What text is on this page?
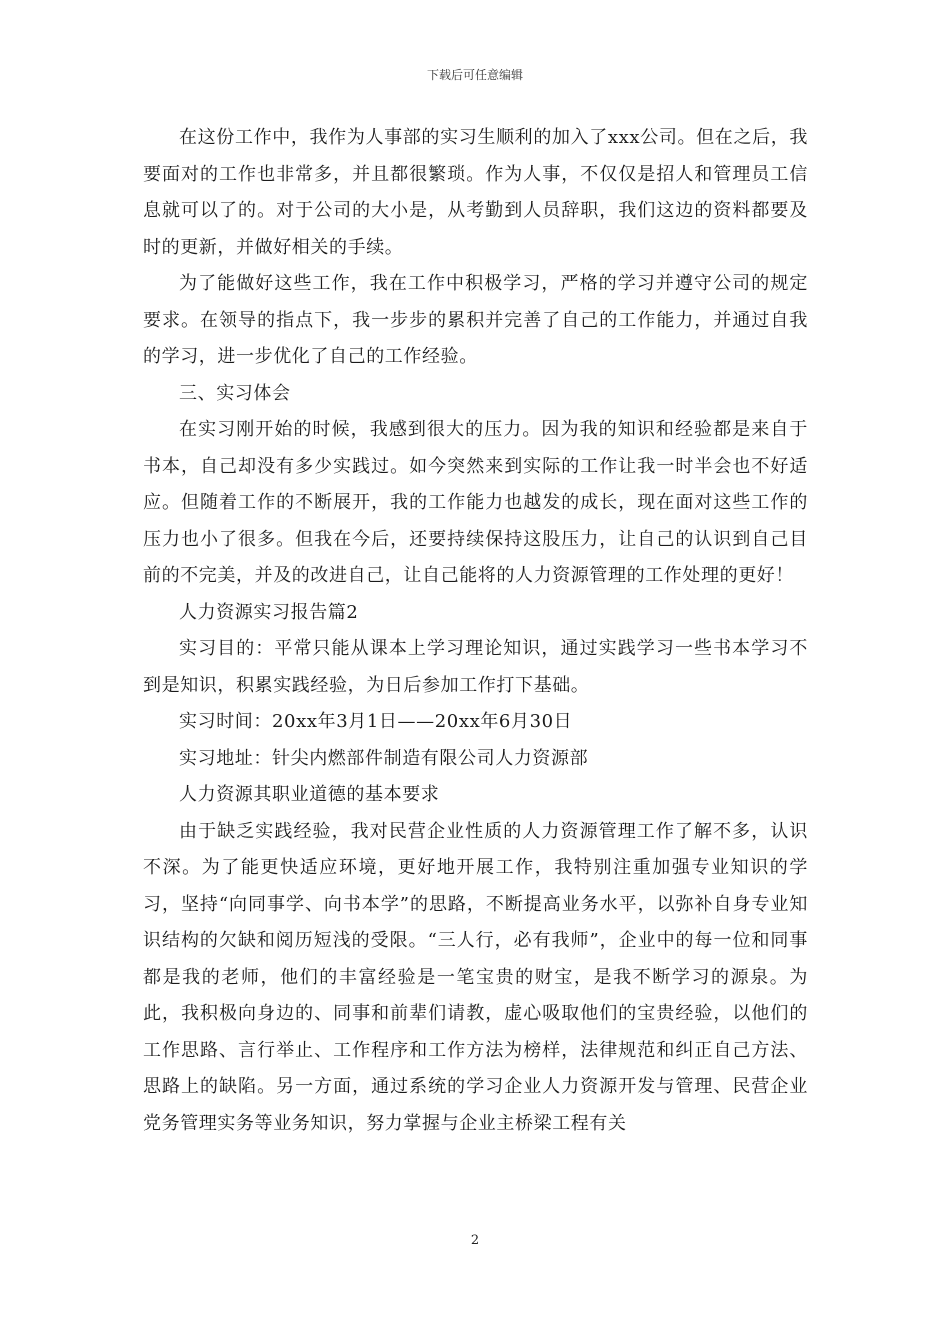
下载后可任意编辑

在这份工作中，我作为人事部的实习生顺利的加入了xxx公司。但在之后，我要面对的工作也非常多，并且都很繁琐。作为人事，不仅仅是招人和管理员工信息就可以了的。对于公司的大小是，从考勤到人员辞职，我们这边的资料都要及时的更新，并做好相关的手续。

为了能做好这些工作，我在工作中积极学习，严格的学习并遵守公司的规定要求。在领导的指点下，我一步步的累积并完善了自己的工作能力，并通过自我的学习，进一步优化了自己的工作经验。

三、实习体会

在实习刚开始的时候，我感到很大的压力。因为我的知识和经验都是来自于书本，自己却没有多少实践过。如今突然来到实际的工作让我一时半会也不好适应。但随着工作的不断展开，我的工作能力也越发的成长，现在面对这些工作的压力也小了很多。但我在今后，还要持续保持这股压力，让自己的认识到自己目前的不完美，并及的改进自己，让自己能将的人力资源管理的工作处理的更好！

人力资源实习报告篇2

实习目的：平常只能从课本上学习理论知识，通过实践学习一些书本学习不到是知识，积累实践经验，为日后参加工作打下基础。

实习时间：20xx年3月1日——20xx年6月30日

实习地址：针尖内燃部件制造有限公司人力资源部

人力资源其职业道德的基本要求

由于缺乏实践经验，我对民营企业性质的人力资源管理工作了解不多，认识不深。为了能更快适应环境，更好地开展工作，我特别注重加强专业知识的学习，坚持“向同事学、向书本学”的思路，不断提高业务水平，以弥补自身专业知识结构的欠缺和阅历短浅的受限。“三人行，必有我师”，企业中的每一位和同事都是我的老师，他们的丰富经验是一笔宝贵的财宝，是我不断学习的源泉。为此，我积极向身边的、同事和前辈们请教，虚心吸取他们的宝贵经验，以他们的工作思路、言行举止、工作程序和工作方法为榜样，法律规范和纠正自己方法、思路上的缺陷。另一方面，通过系统的学习企业人力资源开发与管理、民营企业党务管理实务等业务知识，努力掌握与企业主桥梁工程有关

2
